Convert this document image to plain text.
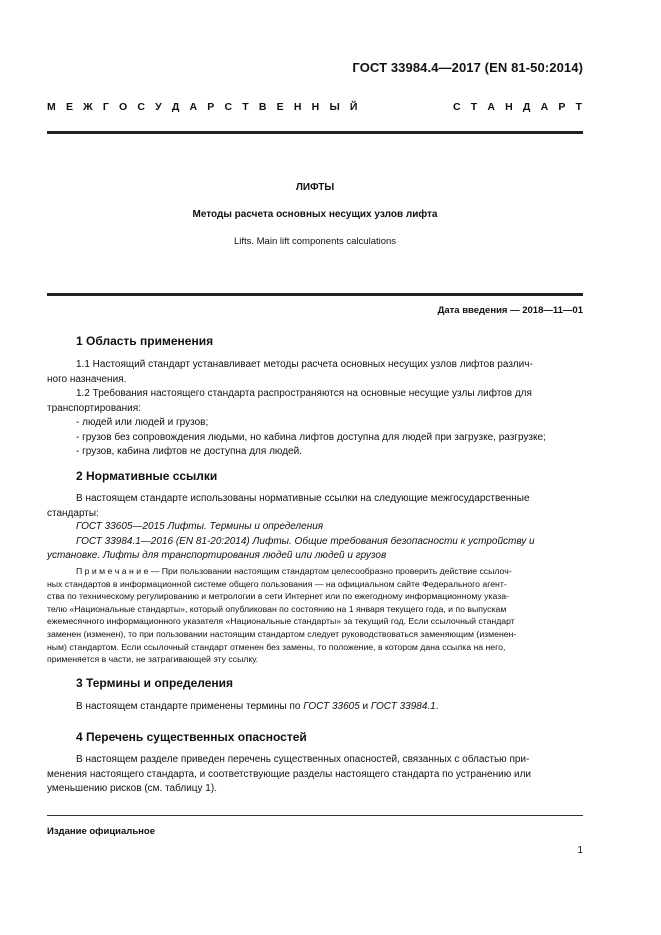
ГОСТ 33984.4—2017 (EN 81-50:2014)
М Е Ж Г О С У Д А Р С Т В Е Н Н Ы Й	С Т А Н Д А Р Т
ЛИФТЫ
Методы расчета основных несущих узлов лифта
Lifts. Main lift components calculations
Дата введения — 2018—11—01
1 Область применения
1.1 Настоящий стандарт устанавливает методы расчета основных несущих узлов лифтов различ-
ного назначения.
1.2 Требования настоящего стандарта распространяются на основные несущие узлы лифтов для
транспортирования:
- людей или людей и грузов;
- грузов без сопровождения людьми, но кабина лифтов доступна для людей при загрузке, разгрузке;
- грузов, кабина лифтов не доступна для людей.
2 Нормативные ссылки
В настоящем стандарте использованы нормативные ссылки на следующие межгосударственные
стандарты:
ГОСТ 33605—2015 Лифты. Термины и определения
ГОСТ 33984.1—2016 (EN 81-20:2014) Лифты. Общие требования безопасности к устройству и
установке. Лифты для транспортирования людей или людей и грузов
П р и м е ч а н и е — При пользовании настоящим стандартом целесообразно проверить действие ссылоч-
ных стандартов в информационной системе общего пользования — на официальном сайте Федерального агент-
ства по техническому регулированию и метрологии в сети Интернет или по ежегодному информационному указа-
телю «Национальные стандарты», который опубликован по состоянию на 1 января текущего года, и по выпускам
ежемесячного информационного указателя «Национальные стандарты» за текущий год. Если ссылочный стандарт
заменен (изменен), то при пользовании настоящим стандартом следует руководствоваться заменяющим (изменен-
ным) стандартом. Если ссылочный стандарт отменен без замены, то положение, в котором дана ссылка на него,
применяется в части, не затрагивающей эту ссылку.
3 Термины и определения
В настоящем стандарте применены термины по ГОСТ 33605 и ГОСТ 33984.1.
4 Перечень существенных опасностей
В настоящем разделе приведен перечень существенных опасностей, связанных с областью при-
менения настоящего стандарта, и соответствующие разделы настоящего стандарта по устранению или
уменьшению рисков (см. таблицу 1).
Издание официальное
1
